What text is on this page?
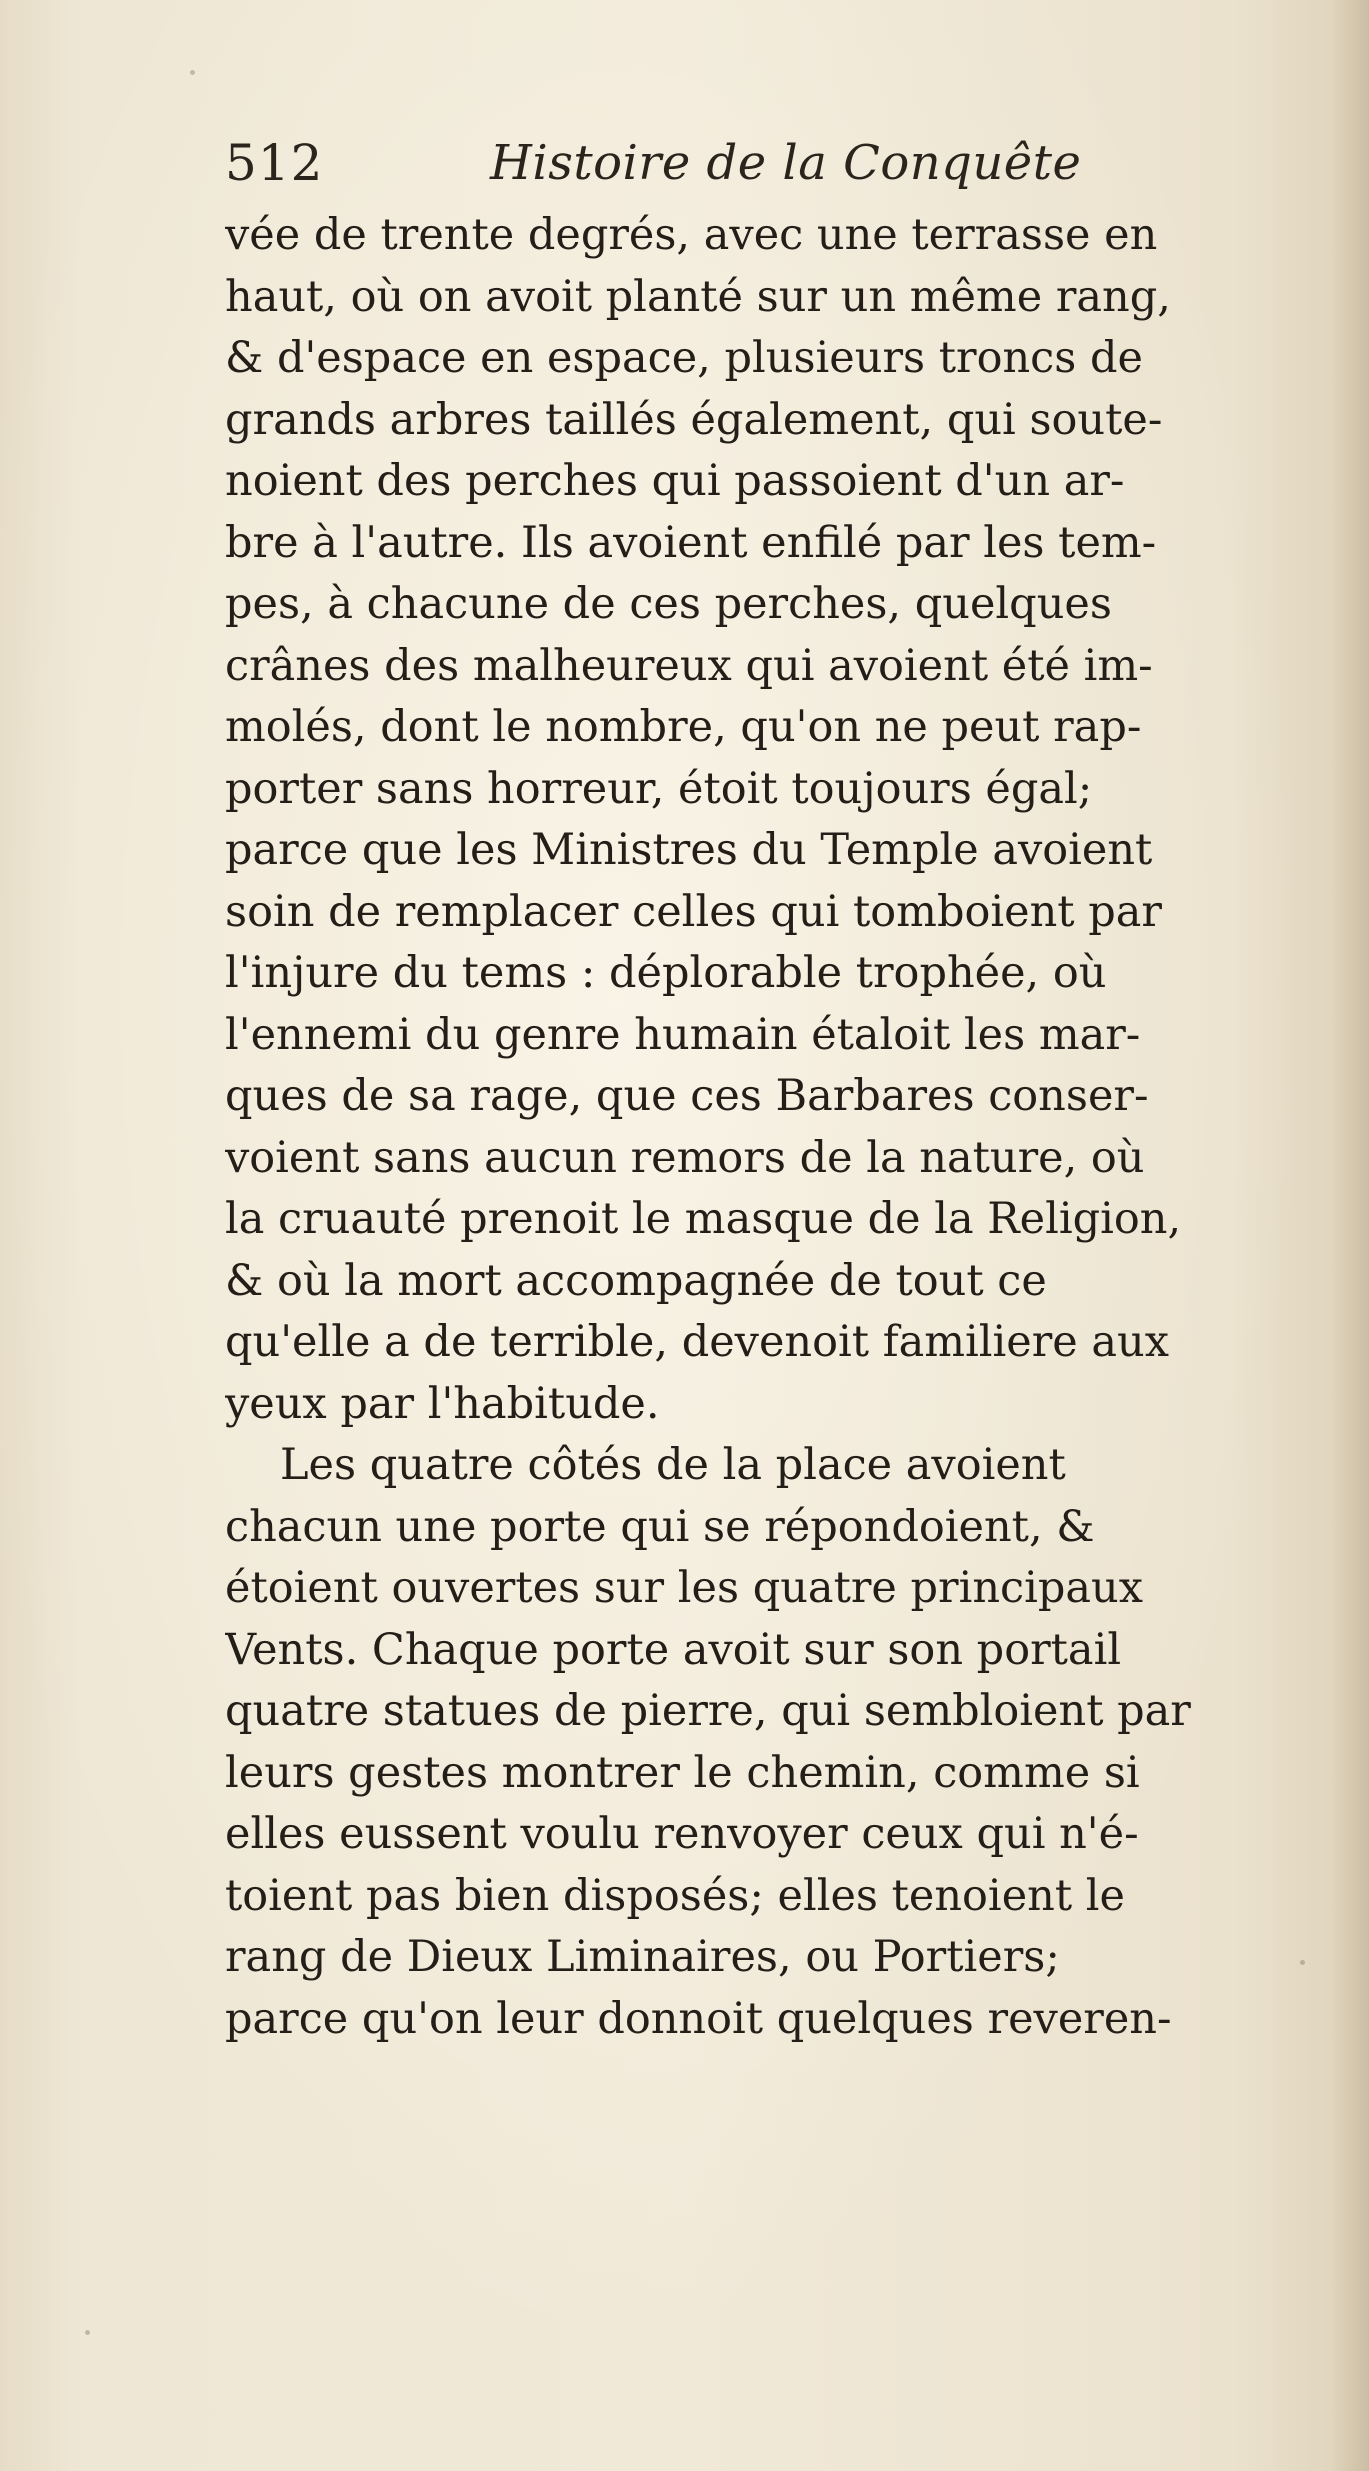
512	Histoire de la Conquête
vée de trente degrés, avec une terrasse en
haut, où on avoit planté sur un même rang,
& d'espace en espace, plusieurs troncs de
grands arbres taillés également, qui soute-
noient des perches qui passoient d'un ar-
bre à l'autre. Ils avoient enfilé par les tem-
pes, à chacune de ces perches, quelques
crânes des malheureux qui avoient été im-
molés, dont le nombre, qu'on ne peut rap-
porter sans horreur, étoit toujours égal;
parce que les Ministres du Temple avoient
soin de remplacer celles qui tomboient par
l'injure du tems : déplorable trophée, où
l'ennemi du genre humain étaloit les mar-
ques de sa rage, que ces Barbares conser-
voient sans aucun remors de la nature, où
la cruauté prenoit le masque de la Religion,
& où la mort accompagnée de tout ce
qu'elle a de terrible, devenoit familiere aux
yeux par l'habitude.
Les quatre côtés de la place avoient
chacun une porte qui se répondoient, &
étoient ouvertes sur les quatre principaux
Vents. Chaque porte avoit sur son portail
quatre statues de pierre, qui sembloient par
leurs gestes montrer le chemin, comme si
elles eussent voulu renvoyer ceux qui n'é-
toient pas bien disposés; elles tenoient le
rang de Dieux Liminaires, ou Portiers;
parce qu'on leur donnoit quelques reveren-
